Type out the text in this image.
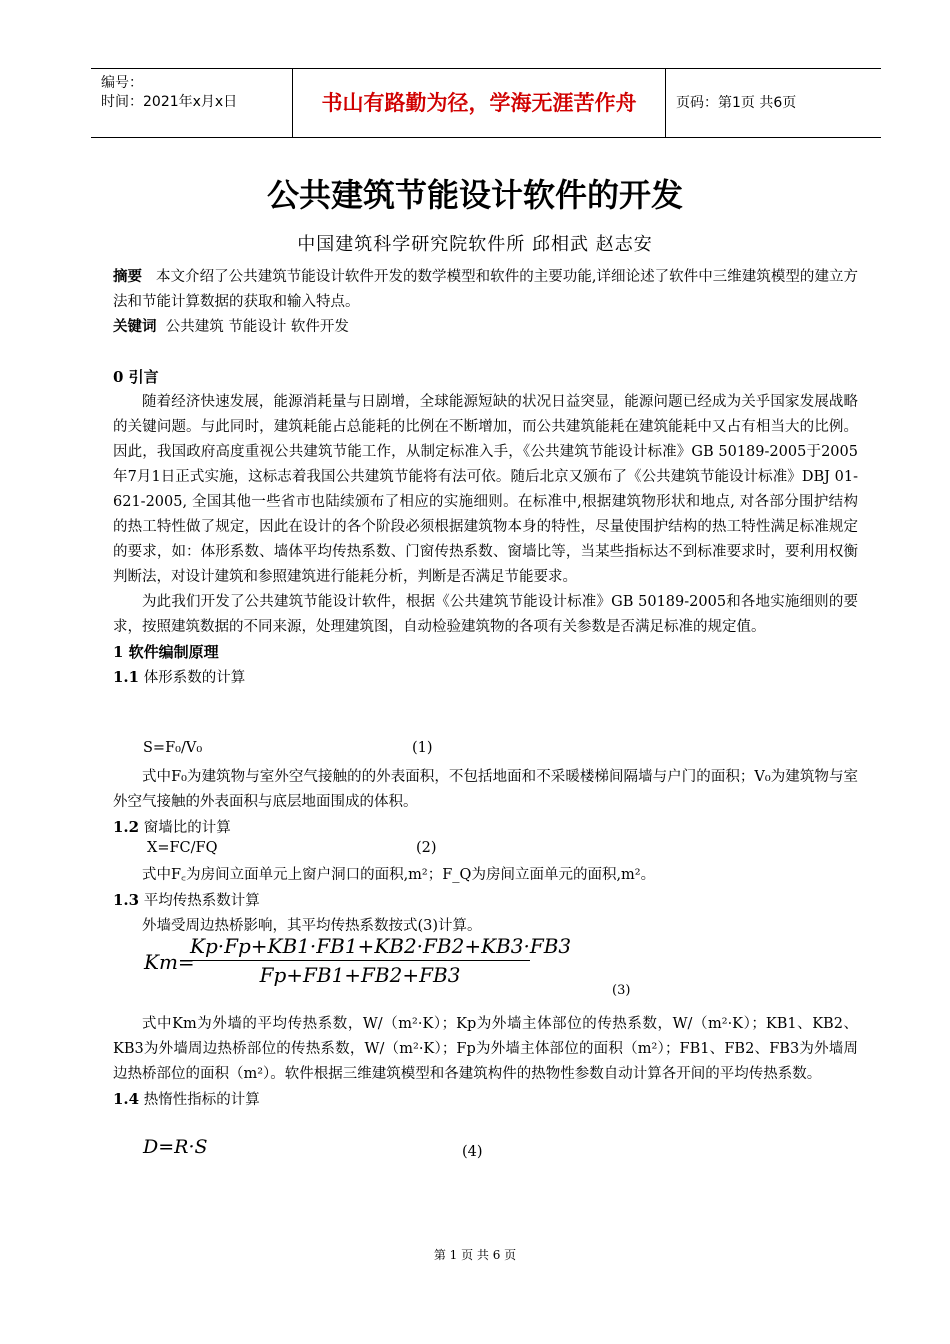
编号：
时间：2021年x月x日	书山有路勤为径，学海无涯苦作舟	页码：第1页 共6页
公共建筑节能设计软件的开发
中国建筑科学研究院软件所 邱相武 赵志安

摘要 本文介绍了公共建筑节能设计软件开发的数学模型和软件的主要功能,详细论述了软件中三维建筑模型的建立方法和节能计算数据的获取和输入特点。

关键词 公共建筑 节能设计 软件开发

0 引言

随着经济快速发展，能源消耗量与日剧增，全球能源短缺的状况日益突显，能源问题已经成为关乎国家发展战略的关键问题。与此同时，建筑耗能占总能耗的比例在不断增加，而公共建筑能耗在建筑能耗中又占有相当大的比例。因此，我国政府高度重视公共建筑节能工作，从制定标准入手，《公共建筑节能设计标准》GB 50189-2005于2005年7月1日正式实施，这标志着我国公共建筑节能将有法可依。随后北京又颁布了《公共建筑节能设计标准》DBJ 01-621-2005, 全国其他一些省市也陆续颁布了相应的实施细则。在标准中,根据建筑物形状和地点, 对各部分围护结构的热工特性做了规定，因此在设计的各个阶段必须根据建筑物本身的特性，尽量使围护结构的热工特性满足标准规定的要求，如：体形系数、墙体平均传热系数、门窗传热系数、窗墙比等，当某些指标达不到标准要求时，要利用权衡判断法，对设计建筑和参照建筑进行能耗分析，判断是否满足节能要求。

为此我们开发了公共建筑节能设计软件，根据《公共建筑节能设计标准》GB 50189-2005和各地实施细则的要求，按照建筑数据的不同来源，处理建筑图，自动检验建筑物的各项有关参数是否满足标准的规定值。

1 软件编制原理

1.1 体形系数的计算

S=F₀/V₀	(1)

式中F₀为建筑物与室外空气接触的的外表面积，不包括地面和不采暖楼梯间隔墙与户门的面积；V₀为建筑物与室外空气接触的外表面积与底层地面围成的体积。

1.2 窗墙比的计算

X=FC/FQ	(2)

式中F꜀为房间立面单元上窗户洞口的面积,m²；F_Q为房间立面单元的面积,m²。

1.3 平均传热系数计算

外墙受周边热桥影响，其平均传热系数按式(3)计算。

Km=
$\frac{Kp\cdot Fp+KB1\cdot FB1+KB2\cdot FB2+KB3\cdot FB3}{Fp+FB1+FB2+FB3}$
(3)

式中Km为外墙的平均传热系数，W/（m²·K）；Kp为外墙主体部位的传热系数，W/（m²·K）；KB1、KB2、KB3为外墙周边热桥部位的传热系数，W/（m²·K）；Fp为外墙主体部位的面积（m²）；FB1、FB2、FB3为外墙周边热桥部位的面积（m²）。软件根据三维建筑模型和各建筑构件的热物性参数自动计算各开间的平均传热系数。

1.4 热惰性指标的计算

D=R·S	(4)
第 1 页 共 6 页
